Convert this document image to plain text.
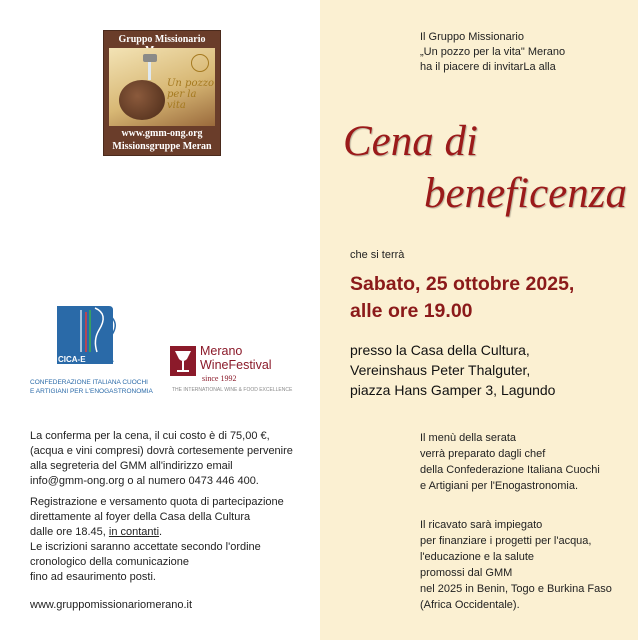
Gruppo Missionario
Un pozzo
per la vita
www.gmm-ong.org
Missionsgruppe Meran
CICA-E
CONFEDERAZIONE ITALIANA CUOCHI
E ARTIGIANI PER L'ENOGASTRONOMIA
Merano
WineFestival
since 1992
THE INTERNATIONAL WINE & FOOD EXCELLENCE
La conferma per la cena, il cui costo è di 75,00 €,
(acqua e vini compresi) dovrà cortesemente pervenire
alla segreteria del GMM all'indirizzo email
info@gmm-ong.org o al numero 0473 446 400.
Registrazione e versamento quota di partecipazione
direttamente al foyer della Casa della Cultura
dalle ore 18.45, in contanti.
Le iscrizioni saranno accettate secondo l'ordine
cronologico della comunicazione
fino ad esaurimento posti.
www.gruppomissionariomerano.it
Il Gruppo Missionario
„Un pozzo per la vita" Merano
ha il piacere di invitarLa alla
Cena di
beneficenza
che si terrà
Sabato, 25 ottobre 2025,
alle ore 19.00
presso la Casa della Cultura,
Vereinshaus Peter Thalguter,
piazza Hans Gamper 3, Lagundo
Il menù della serata
verrà preparato dagli chef
della Confederazione Italiana Cuochi
e Artigiani per l'Enogastronomia.
Il ricavato sarà impiegato
per finanziare i progetti per l'acqua,
l'educazione e la salute
promossi dal GMM
nel 2025 in Benin, Togo e Burkina Faso
(Africa Occidentale).
